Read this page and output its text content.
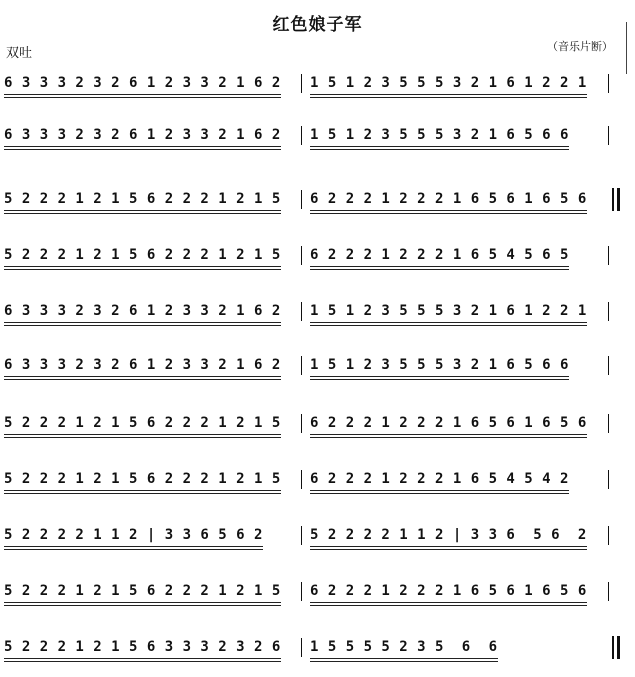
红色娘子军
双吐	（音乐片断）
6 3 3 3 2 3 2 6 1 2 3 3 2 1 6 2 1 5 1 2 3 5 5 5 3 2 1 6 1 2 2 1
6 3 3 3 2 3 2 6 1 2 3 3 2 1 6 2 1 5 1 2 3 5 5 5 3 2 1 6 5 6 6
5 2 2 2 1 2 1 5 6 2 2 2 1 2 1 5 6 2 2 2 1 2 2 2 1 6 5 6 1 6 5 6
5 2 2 2 1 2 1 5 6 2 2 2 1 2 1 5 6 2 2 2 1 2 2 2 1 6 5 4 5 6 5
6 3 3 3 2 3 2 6 1 2 3 3 2 1 6 2 1 5 1 2 3 5 5 5 3 2 1 6 1 2 2 1
6 3 3 3 2 3 2 6 1 2 3 3 2 1 6 2 1 5 1 2 3 5 5 5 3 2 1 6 5 6 6
5 2 2 2 1 2 1 5 6 2 2 2 1 2 1 5 6 2 2 2 1 2 2 2 1 6 5 6 1 6 5 6
5 2 2 2 1 2 1 5 6 2 2 2 1 2 1 5 6 2 2 2 1 2 2 2 1 6 5 4 5 4 2
5 2 2 2 2 1 1 2 | 3 3 6 5 6 2	5 2 2 2 2 1 1 2 | 3 3 6  5 6  2
5 2 2 2 1 2 1 5 6 2 2 2 1 2 1 5 6 2 2 2 1 2 2 2 1 6 5 6 1 6 5 6
5 2 2 2 1 2 1 5 6 3 3 3 2 3 2 6 1 5 5 5 5 2 3 5  6  6
